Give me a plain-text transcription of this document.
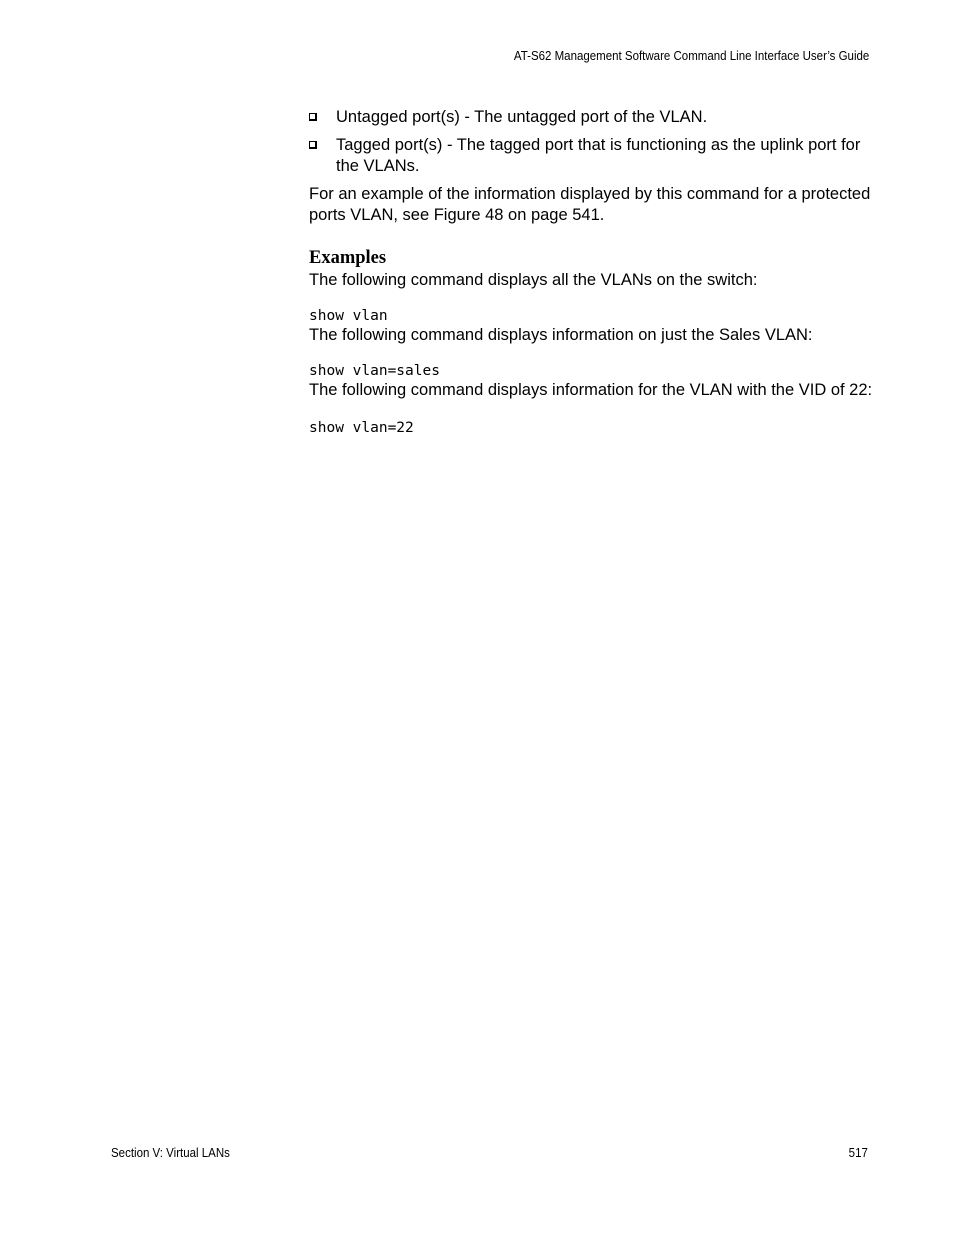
AT-S62 Management Software Command Line Interface User’s Guide
Untagged port(s) - The untagged port of the VLAN.
Tagged port(s) - The tagged port that is functioning as the uplink port for the VLANs.

For an example of the information displayed by this command for a protected ports VLAN, see Figure 48 on page 541.

Examples

The following command displays all the VLANs on the switch:

show vlan

The following command displays information on just the Sales VLAN:

show vlan=sales

The following command displays information for the VLAN with the VID of 22:

show vlan=22

Section V: Virtual LANs	517
